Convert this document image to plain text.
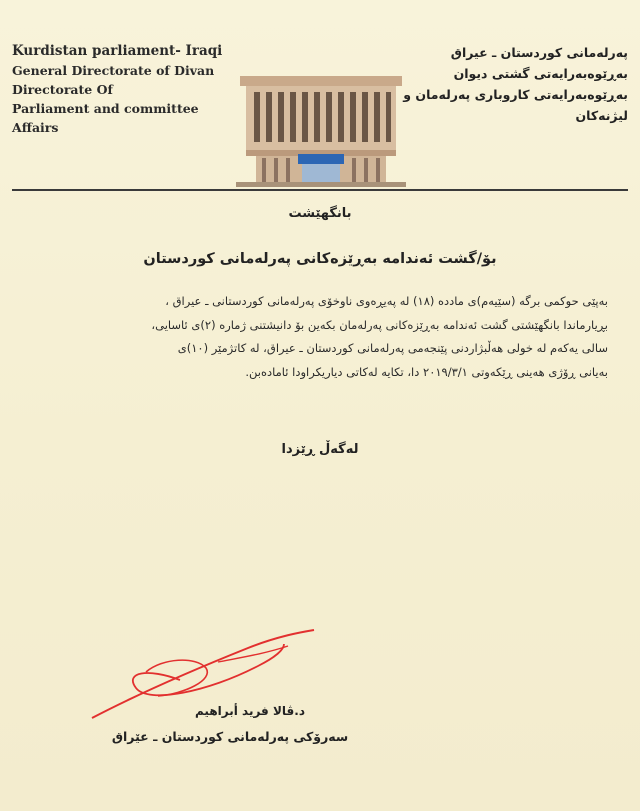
Kurdistan parliament- Iraqi
General Directorate of Divan
Directorate Of
Parliament and committee
Affairs
پەرلەمانی کوردستان ـ عیراق
بەڕێوەبەرایەتی گشتی دیوان
بەڕێوەبەرایەتی کاروباری پەرلەمان و
لیژنەکان
بانگهێشت
بۆ/گشت ئەندامە بەڕێزەکانی پەرلەمانی کوردستان

بەپێی حوکمی برگە (سێیەم)ی مادده (١٨) لە پەیڕەوی ناوخۆی پەرلەمانی کوردستانی ـ عیراق ،

بڕیارماندا بانگهێشتی گشت ئەندامە بەڕێزەکانی پەرلەمان بکەین بۆ دانیشتنی ژمارە (٢)ی ئاسایی،

سالی یەکەم لە خولی هەڵبژاردنی پێنجەمی پەرلەمانی کوردستان ـ عیراق، لە کاتژمێر (١٠)ی

بەیانی ڕۆژی هەینی ڕێکەوتی ٢٠١٩/٣/١ دا، تکایە لەکاتی دیاریکراودا ئامادەبن.

لەگەڵ ڕێزدا
د.ڤالا فرید أبراهیم
سەرۆکی پەرلەمانی کوردستان ـ عێراق
